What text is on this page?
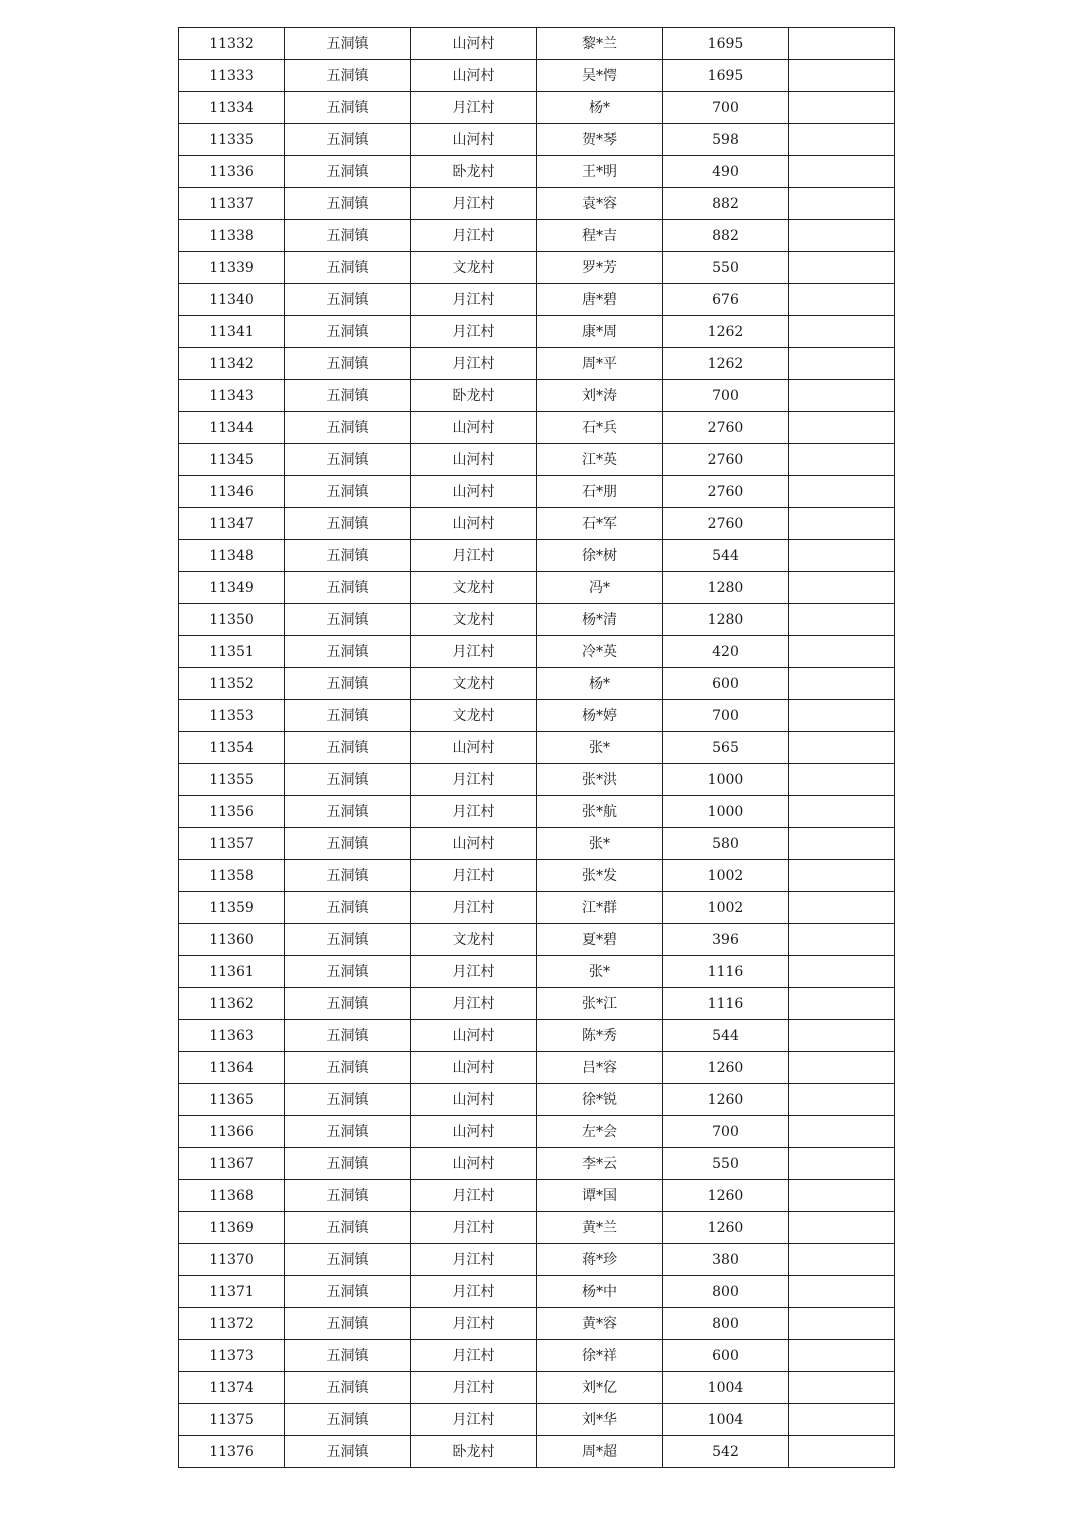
11332	五洞镇	山河村	黎*兰	1695	
11333	五洞镇	山河村	吴*愕	1695	
11334	五洞镇	月江村	杨*	700	
11335	五洞镇	山河村	贺*琴	598	
11336	五洞镇	卧龙村	王*明	490	
11337	五洞镇	月江村	袁*容	882	
11338	五洞镇	月江村	程*吉	882	
11339	五洞镇	文龙村	罗*芳	550	
11340	五洞镇	月江村	唐*碧	676	
11341	五洞镇	月江村	康*周	1262	
11342	五洞镇	月江村	周*平	1262	
11343	五洞镇	卧龙村	刘*涛	700	
11344	五洞镇	山河村	石*兵	2760	
11345	五洞镇	山河村	江*英	2760	
11346	五洞镇	山河村	石*朋	2760	
11347	五洞镇	山河村	石*军	2760	
11348	五洞镇	月江村	徐*树	544	
11349	五洞镇	文龙村	冯*	1280	
11350	五洞镇	文龙村	杨*清	1280	
11351	五洞镇	月江村	冷*英	420	
11352	五洞镇	文龙村	杨*	600	
11353	五洞镇	文龙村	杨*婷	700	
11354	五洞镇	山河村	张*	565	
11355	五洞镇	月江村	张*洪	1000	
11356	五洞镇	月江村	张*航	1000	
11357	五洞镇	山河村	张*	580	
11358	五洞镇	月江村	张*发	1002	
11359	五洞镇	月江村	江*群	1002	
11360	五洞镇	文龙村	夏*碧	396	
11361	五洞镇	月江村	张*	1116	
11362	五洞镇	月江村	张*江	1116	
11363	五洞镇	山河村	陈*秀	544	
11364	五洞镇	山河村	吕*容	1260	
11365	五洞镇	山河村	徐*锐	1260	
11366	五洞镇	山河村	左*会	700	
11367	五洞镇	山河村	李*云	550	
11368	五洞镇	月江村	谭*国	1260	
11369	五洞镇	月江村	黄*兰	1260	
11370	五洞镇	月江村	蒋*珍	380	
11371	五洞镇	月江村	杨*中	800	
11372	五洞镇	月江村	黄*容	800	
11373	五洞镇	月江村	徐*祥	600	
11374	五洞镇	月江村	刘*亿	1004	
11375	五洞镇	月江村	刘*华	1004	
11376	五洞镇	卧龙村	周*超	542	
